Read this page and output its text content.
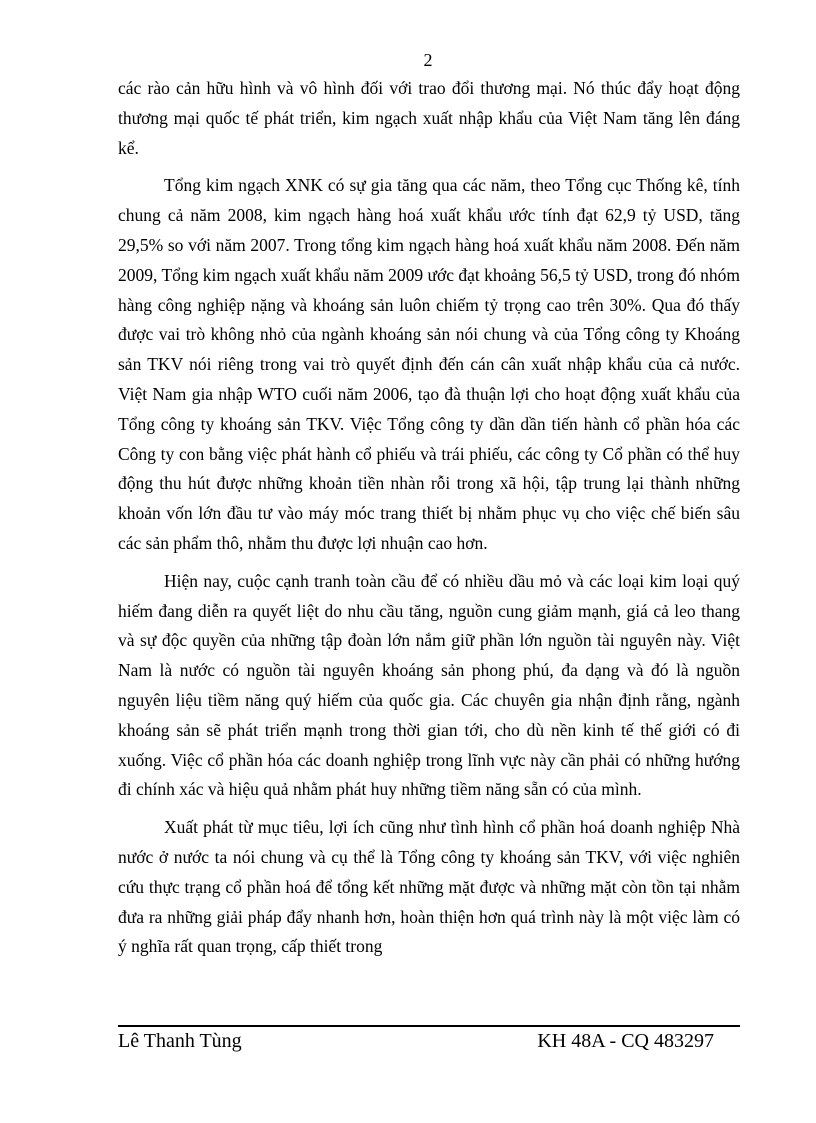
2

các rào cản hữu hình và vô hình đối với trao đổi thương mại. Nó thúc đẩy hoạt động thương mại quốc tế phát triển, kim ngạch xuất nhập khẩu của Việt Nam tăng lên đáng kể.

Tổng kim ngạch XNK có sự gia tăng qua các năm, theo Tổng cục Thống kê, tính chung cả năm 2008, kim ngạch hàng hoá xuất khẩu ước tính đạt 62,9 tỷ USD, tăng 29,5% so với năm 2007. Trong tổng kim ngạch hàng hoá xuất khẩu năm 2008. Đến năm 2009, Tổng kim ngạch xuất khẩu năm 2009 ước đạt khoảng 56,5 tỷ USD, trong đó nhóm hàng công nghiệp nặng và khoáng sản luôn chiếm tỷ trọng cao trên 30%. Qua đó thấy được vai trò không nhỏ của ngành khoáng sản nói chung và của Tổng công ty Khoáng sản TKV nói riêng trong vai trò quyết định đến cán cân xuất nhập khẩu của cả nước. Việt Nam gia nhập WTO cuối năm 2006, tạo đà thuận lợi cho hoạt động xuất khẩu của Tổng công ty khoáng sản TKV. Việc Tổng công ty dần dần tiến hành cổ phần hóa các Công ty con bằng việc phát hành cổ phiếu và trái phiếu, các công ty Cổ phần có thể huy động thu hút được những khoản tiền nhàn rỗi trong xã hội, tập trung lại thành những khoản vốn lớn đầu tư vào máy móc trang thiết bị nhằm phục vụ cho việc chế biến sâu các sản phẩm thô, nhằm thu được lợi nhuận cao hơn.

Hiện nay, cuộc cạnh tranh toàn cầu để có nhiều dầu mỏ và các loại kim loại quý hiếm đang diễn ra quyết liệt do nhu cầu tăng, nguồn cung giảm mạnh, giá cả leo thang và sự độc quyền của những tập đoàn lớn nắm giữ phần lớn nguồn tài nguyên này. Việt Nam là nước có nguồn tài nguyên khoáng sản phong phú, đa dạng và đó là nguồn nguyên liệu tiềm năng quý hiếm của quốc gia. Các chuyên gia nhận định rằng, ngành khoáng sản sẽ phát triển mạnh trong thời gian tới, cho dù nền kinh tế thế giới có đi xuống. Việc cổ phần hóa các doanh nghiệp trong lĩnh vực này cần phải có những hướng đi chính xác và hiệu quả nhằm phát huy những tiềm năng sẵn có của mình.

Xuất phát từ mục tiêu, lợi ích cũng như tình hình cổ phần hoá doanh nghiệp Nhà nước ở nước ta nói chung và cụ thể là Tổng công ty khoáng sản TKV, với việc nghiên cứu thực trạng cổ phần hoá để tổng kết những mặt được và những mặt còn tồn tại nhằm đưa ra những giải pháp đẩy nhanh hơn, hoàn thiện hơn quá trình này là một việc làm có ý nghĩa rất quan trọng, cấp thiết trong

Lê Thanh Tùng	KH 48A - CQ 483297
